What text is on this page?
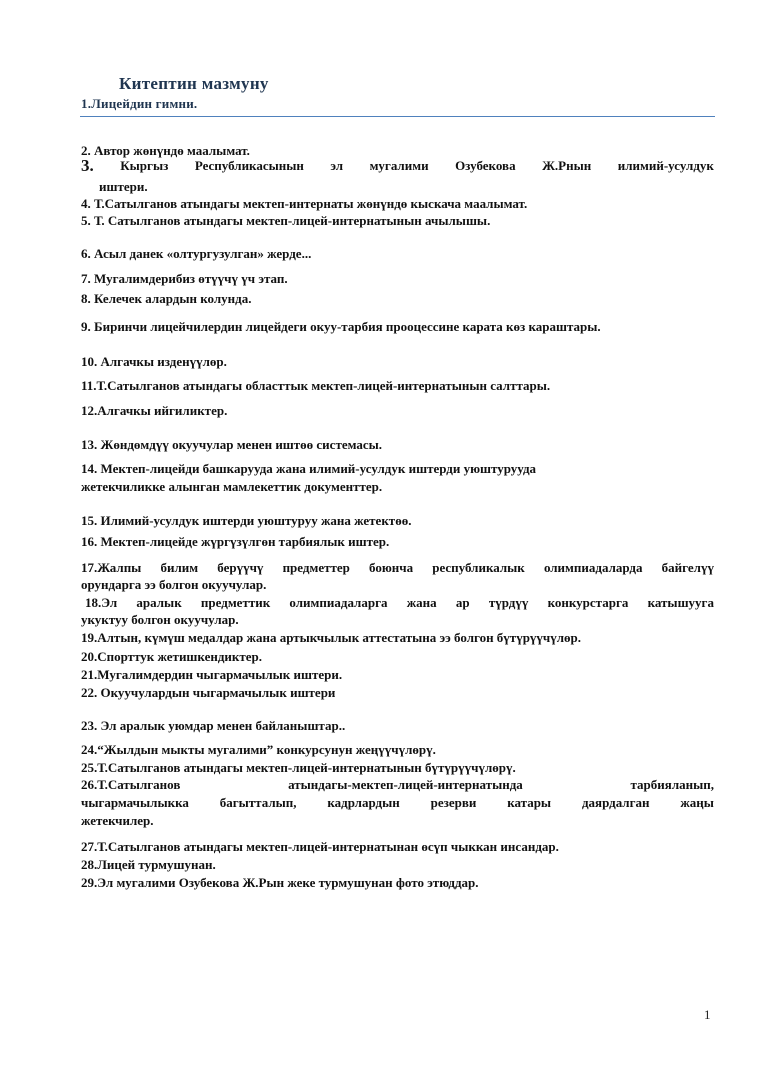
Китептин мазмуну
1.Лицейдин гимни.
2. Автор жөнүндө маалымат.
3. Кыргыз Республикасынын эл мугалими Озубекова Ж.Рнын илимий-усулдук
иштери.
4. Т.Сатылганов атындагы мектеп-интернаты жөнүндө кыскача маалымат.
5. Т. Сатылганов атындагы мектеп-лицей-интернатынын ачылышы.
6. Асыл данек «олтургузулган» жерде...
7. Мугалимдерибиз өтүүчү үч этап.
8. Келечек алардын колунда.
9. Биринчи лицейчилердин лицейдеги окуу-тарбия прооцессине карата көз караштары.
10. Алгачкы изденүүлөр.
11.Т.Сатылганов атындагы областтык мектеп-лицей-интернатынын салттары.
12.Алгачкы ийгиликтер.
13. Жөндөмдүү окуучулар менен иштөө системасы.
14. Мектеп-лицейди башкарууда жана илимий-усулдук иштерди уюштурууда
жетекчиликке алынган мамлекеттик документтер.
15. Илимий-усулдук иштерди уюштуруу жана жетектөө.
16. Мектеп-лицейде жүргүзүлгөн тарбиялык иштер.
17.Жалпы билим берүүчү предметтер боюнча республикалык олимпиадаларда байгелүү
орундарга ээ болгон окуучулар.
18.Эл аралык предметтик олимпиадаларга жана ар түрдүү конкурстарга катышууга
укуктуу болгон окуучулар.
19.Алтын, күмүш медалдар жана артыкчылык аттестатына ээ болгон бүтүрүүчүлөр.
20.Спорттук жетишкендиктер.
21.Мугалимдердин чыгармачылык иштери.
22. Окуучулардын чыгармачылык иштери
23. Эл аралык уюмдар менен байланыштар..
24.“Жылдын мыкты мугалими” конкурсунун жеңүүчүлөрү.
25.Т.Сатылганов атындагы мектеп-лицей-интернатынын бүтүрүүчүлөрү.
26.Т.Сатылганов	атындагы-мектеп-лицей-интернатында	тарбияланып,
чыгармачылыкка багытталып, кадрлардын резерви катары даярдалган жаңы
жетекчилер.
27.Т.Сатылганов атындагы мектеп-лицей-интернатынан өсүп чыккан инсандар.
28.Лицей турмушунан.
29.Эл мугалими Озубекова Ж.Рын жеке турмушунан фото этюддар.
1
